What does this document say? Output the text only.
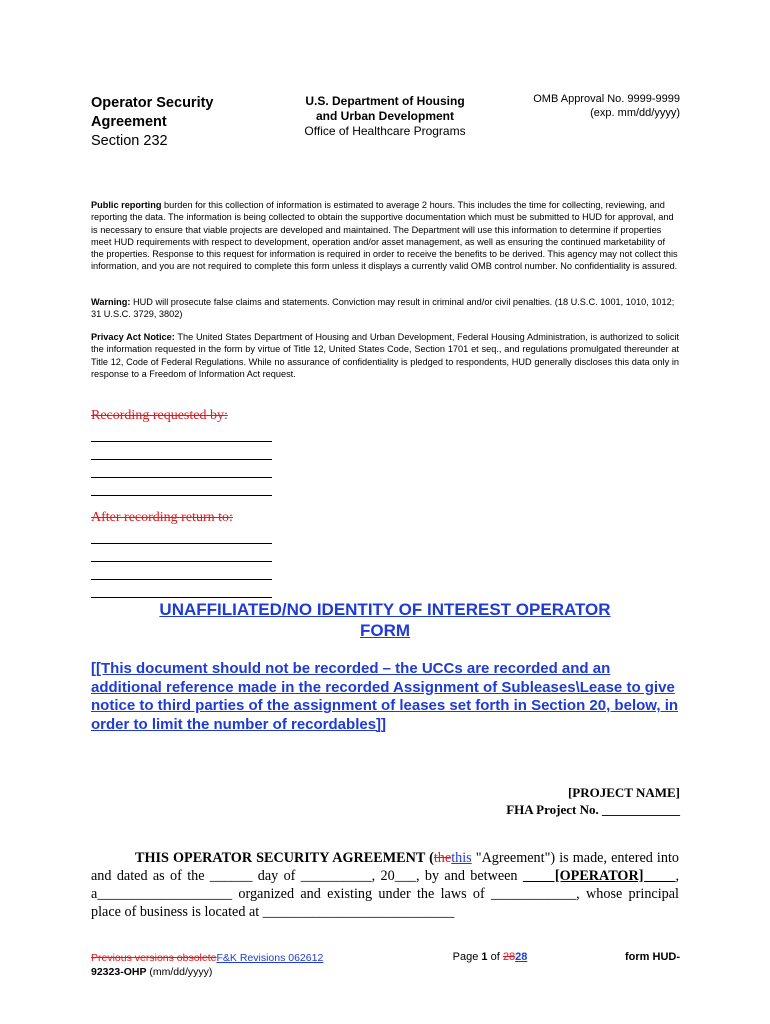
Operator Security
Agreement
Section 232
U.S. Department of Housing
and Urban Development
Office of Healthcare Programs
OMB Approval No. 9999-9999
(exp. mm/dd/yyyy)
Public reporting burden for this collection of information is estimated to average 2 hours. This includes the time for collecting, reviewing, and reporting the data. The information is being collected to obtain the supportive documentation which must be submitted to HUD for approval, and is necessary to ensure that viable projects are developed and maintained. The Department will use this information to determine if properties meet HUD requirements with respect to development, operation and/or asset management, as well as ensuring the continued marketability of the properties. Response to this request for information is required in order to receive the benefits to be derived. This agency may not collect this information, and you are not required to complete this form unless it displays a currently valid OMB control number. No confidentiality is assured.
Warning: HUD will prosecute false claims and statements. Conviction may result in criminal and/or civil penalties. (18 U.S.C. 1001, 1010, 1012; 31 U.S.C. 3729, 3802)
Privacy Act Notice: The United States Department of Housing and Urban Development, Federal Housing Administration, is authorized to solicit the information requested in the form by virtue of Title 12, United States Code, Section 1701 et seq., and regulations promulgated thereunder at Title 12, Code of Federal Regulations. While no assurance of confidentiality is pledged to respondents, HUD generally discloses this data only in response to a Freedom of Information Act request.
Recording requested by:
After recording return to:
UNAFFILIATED/NO IDENTITY OF INTEREST OPERATOR
FORM
[[This document should not be recorded – the UCCs are recorded and an additional reference made in the recorded Assignment of Subleases\Lease to give notice to third parties of the assignment of leases set forth in Section 20, below, in order to limit the number of recordables]]
[PROJECT NAME]
FHA Project No. ____________
THIS OPERATOR SECURITY AGREEMENT (thethis "Agreement") is made, entered into and dated as of the ______ day of __________, 20___, by and between       [OPERATOR]      , a___________________ organized and existing under the laws of ____________, whose principal place of business is located at ___________________________
Previous versions obsoleteF&K Revisions 062612
92323-OHP (mm/dd/yyyy)
Page 1 of 2828	form HUD-
